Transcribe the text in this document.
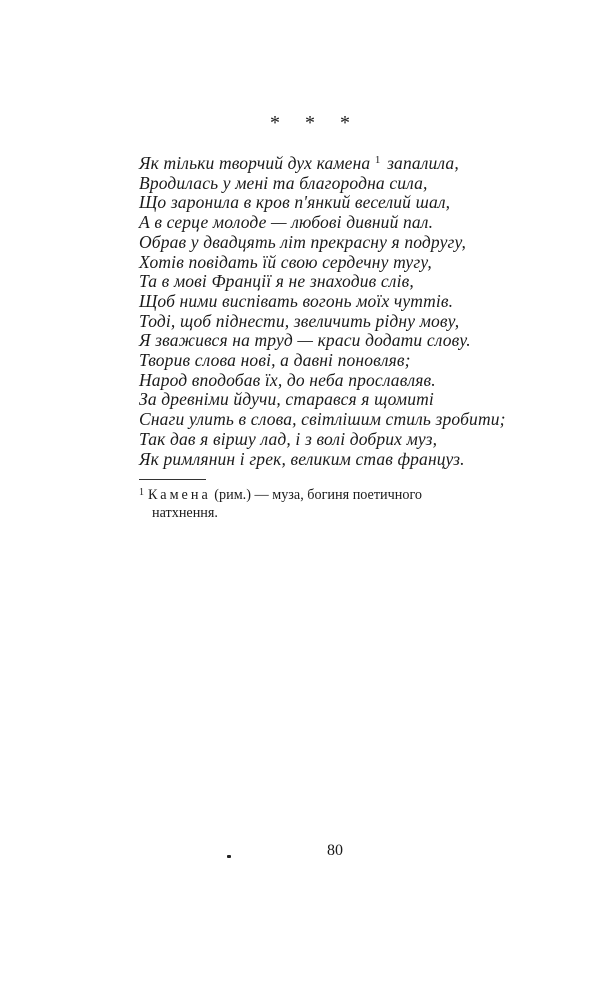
* * *
Як тільки творчий дух камена $^1$ запалила,
Вродилась у мені та благородна сила,
Що заронила в кров п'янкий веселий шал,
А в серце молоде — любові дивний пал.
Обрав у двадцять літ прекрасну я подругу,
Хотів повідать їй свою сердечну тугу,
Та в мові Франції я не знаходив слів,
Щоб ними виспівать вогонь моїх чуттів.
Тоді, щоб піднести, звеличить рідну мову,
Я зважився на труд — краси додати слову.
Творив слова нові, а давні поновляв;
Народ вподобав їх, до неба прославляв.
За древніми йдучи, старався я щомиті
Снаги улить в слова, світлішим стиль зробити;
Так дав я віршу лад, і з волі добрих муз,
Як римлянин і грек, великим став француз.
$^1$ Камена (рим.) — муза, богиня поетичного
натхнення.
80
